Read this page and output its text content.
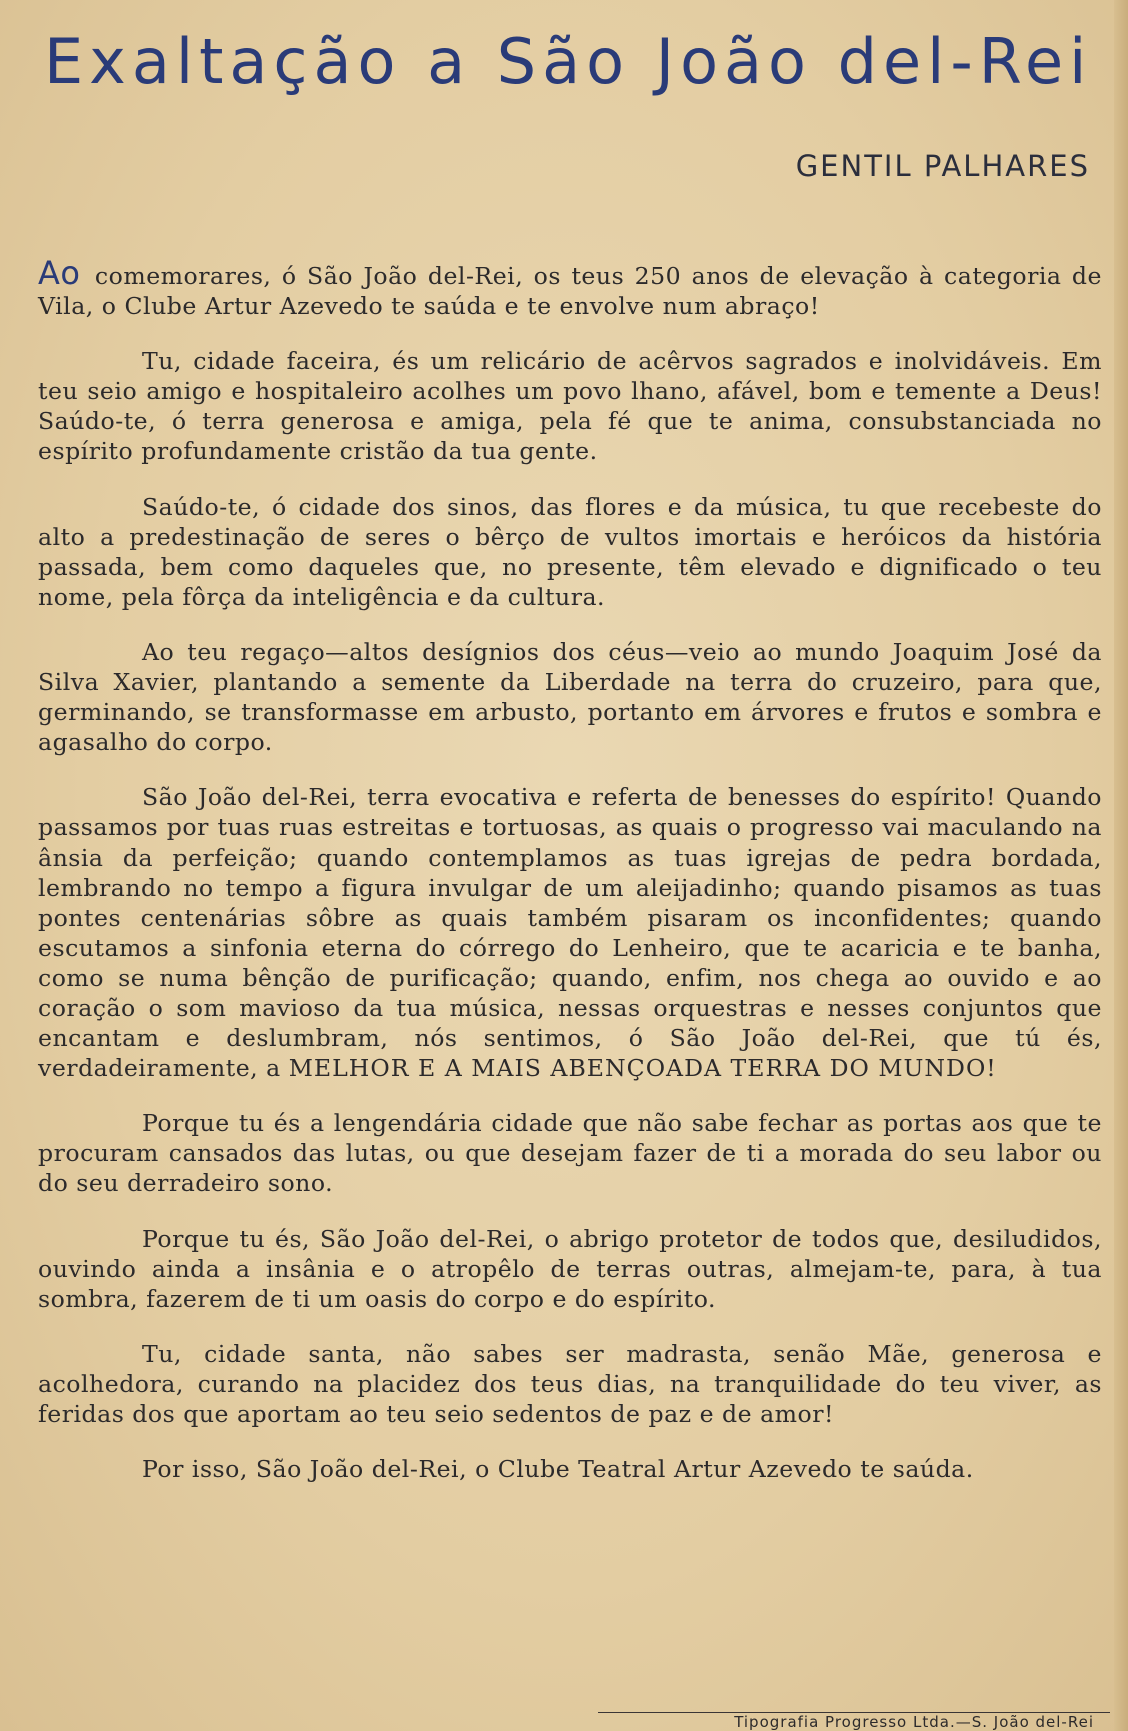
Exaltação a São João del-Rei
GENTIL PALHARES

Ao comemorares, ó São João del-Rei, os teus 250 anos de elevação à categoria de Vila, o Clube Artur Azevedo te saúda e te envolve num abraço!

Tu, cidade faceira, és um relicário de acêrvos sagrados e inolvidáveis. Em teu seio amigo e hospitaleiro acolhes um povo lhano, afável, bom e temente a Deus! Saúdo-te, ó terra generosa e amiga, pela fé que te anima, consubstanciada no espírito profundamente cristão da tua gente.

Saúdo-te, ó cidade dos sinos, das flores e da música, tu que recebeste do alto a predestinação de seres o bêrço de vultos imortais e heróicos da história passada, bem como daqueles que, no presente, têm elevado e dignificado o teu nome, pela fôrça da inteligência e da cultura.

Ao teu regaço—altos desígnios dos céus—veio ao mundo Joaquim José da Silva Xavier, plantando a semente da Liberdade na terra do cruzeiro, para que, germinando, se transformasse em arbusto, portanto em árvores e frutos e sombra e agasalho do corpo.

São João del-Rei, terra evocativa e referta de benesses do espírito! Quando passamos por tuas ruas estreitas e tortuosas, as quais o progresso vai maculando na ânsia da perfeição; quando contemplamos as tuas igrejas de pedra bordada, lembrando no tempo a figura invulgar de um aleijadinho; quando pisamos as tuas pontes centenárias sôbre as quais também pisaram os inconfidentes; quando escutamos a sinfonia eterna do córrego do Lenheiro, que te acaricia e te banha, como se numa bênção de purificação; quando, enfim, nos chega ao ouvido e ao coração o som mavioso da tua música, nessas orquestras e nesses conjuntos que encantam e deslumbram, nós sentimos, ó São João del-Rei, que tú és, verdadeiramente, a MELHOR E A MAIS ABENÇOADA TERRA DO MUNDO!

Porque tu és a lengendária cidade que não sabe fechar as portas aos que te procuram cansados das lutas, ou que desejam fazer de ti a morada do seu labor ou do seu derradeiro sono.

Porque tu és, São João del-Rei, o abrigo protetor de todos que, desiludidos, ouvindo ainda a insânia e o atropêlo de terras outras, almejam-te, para, à tua sombra, fazerem de ti um oasis do corpo e do espírito.

Tu, cidade santa, não sabes ser madrasta, senão Mãe, generosa e acolhedora, curando na placidez dos teus dias, na tranquilidade do teu viver, as feridas dos que aportam ao teu seio sedentos de paz e de amor!

Por isso, São João del-Rei, o Clube Teatral Artur Azevedo te saúda.

Tipografia Progresso Ltda.—S. João del-Rei
